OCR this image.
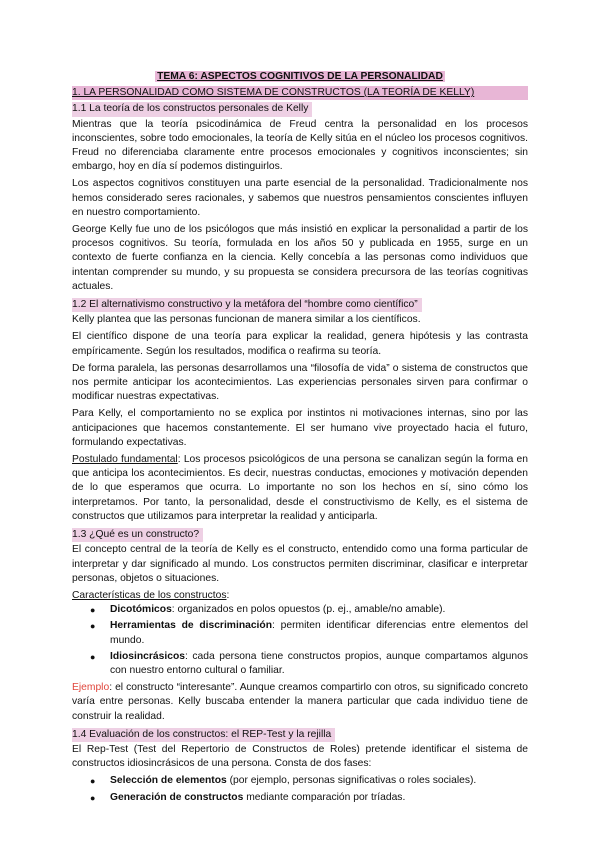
TEMA 6: ASPECTOS COGNITIVOS DE LA PERSONALIDAD
1. LA PERSONALIDAD COMO SISTEMA DE CONSTRUCTOS (LA TEORÍA DE KELLY)
1.1 La teoría de los constructos personales de Kelly

Mientras que la teoría psicodinámica de Freud centra la personalidad en los procesos inconscientes, sobre todo emocionales, la teoría de Kelly sitúa en el núcleo los procesos cognitivos. Freud no diferenciaba claramente entre procesos emocionales y cognitivos inconscientes; sin embargo, hoy en día sí podemos distinguirlos.

Los aspectos cognitivos constituyen una parte esencial de la personalidad. Tradicionalmente nos hemos considerado seres racionales, y sabemos que nuestros pensamientos conscientes influyen en nuestro comportamiento.

George Kelly fue uno de los psicólogos que más insistió en explicar la personalidad a partir de los procesos cognitivos. Su teoría, formulada en los años 50 y publicada en 1955, surge en un contexto de fuerte confianza en la ciencia. Kelly concebía a las personas como individuos que intentan comprender su mundo, y su propuesta se considera precursora de las teorías cognitivas actuales.

1.2 El alternativismo constructivo y la metáfora del “hombre como científico”

Kelly plantea que las personas funcionan de manera similar a los científicos.

El científico dispone de una teoría para explicar la realidad, genera hipótesis y las contrasta empíricamente. Según los resultados, modifica o reafirma su teoría.

De forma paralela, las personas desarrollamos una “filosofía de vida” o sistema de constructos que nos permite anticipar los acontecimientos. Las experiencias personales sirven para confirmar o modificar nuestras expectativas.

Para Kelly, el comportamiento no se explica por instintos ni motivaciones internas, sino por las anticipaciones que hacemos constantemente. El ser humano vive proyectado hacia el futuro, formulando expectativas.

Postulado fundamental: Los procesos psicológicos de una persona se canalizan según la forma en que anticipa los acontecimientos. Es decir, nuestras conductas, emociones y motivación dependen de lo que esperamos que ocurra. Lo importante no son los hechos en sí, sino cómo los interpretamos. Por tanto, la personalidad, desde el constructivismo de Kelly, es el sistema de constructos que utilizamos para interpretar la realidad y anticiparla.

1.3 ¿Qué es un constructo?

El concepto central de la teoría de Kelly es el constructo, entendido como una forma particular de interpretar y dar significado al mundo. Los constructos permiten discriminar, clasificar e interpretar personas, objetos o situaciones.

Características de los constructos:
● Dicotómicos: organizados en polos opuestos (p. ej., amable/no amable).
● Herramientas de discriminación: permiten identificar diferencias entre elementos del mundo.
● Idiosincrásicos: cada persona tiene constructos propios, aunque compartamos algunos con nuestro entorno cultural o familiar.

Ejemplo: el constructo “interesante”. Aunque creamos compartirlo con otros, su significado concreto varía entre personas. Kelly buscaba entender la manera particular que cada individuo tiene de construir la realidad.

1.4 Evaluación de los constructos: el REP-Test y la rejilla

El Rep-Test (Test del Repertorio de Constructos de Roles) pretende identificar el sistema de constructos idiosincrásicos de una persona. Consta de dos fases:

● Selección de elementos (por ejemplo, personas significativas o roles sociales).
● Generación de constructos mediante comparación por tríadas.
